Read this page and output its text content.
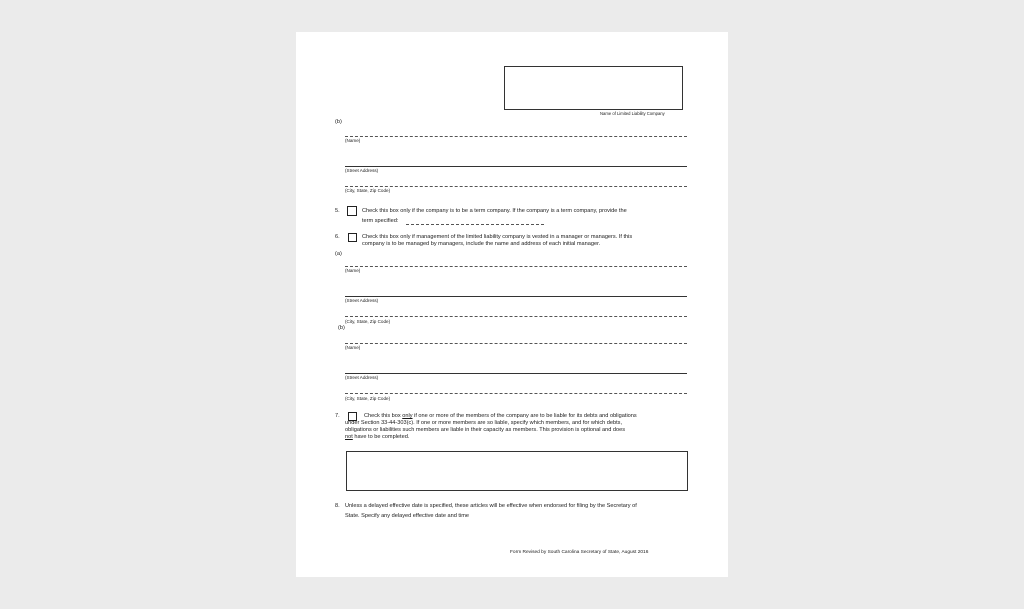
Name of Limited Liability Company
(b)
(Name)
(Street Address)
(City, State, Zip Code)
5.	Check this box only if the company is to be a term company. If the company is a term company, provide the
term specified:
6.	Check this box only if management of the limited liability company is vested in a manager or managers. If this
company is to be managed by managers, include the name and address of each initial manager.
(a)
(Name)
(Street Address)
(City, State, Zip Code)
(b)
(Name)
(Street Address)
(City, State, Zip Code)
7.	Check this box only if one or more of the members of the company are to be liable for its debts and obligations
under Section 33-44-303(c). If one or more members are so liable, specify which members, and for which debts,
obligations or liabilities such members are liable in their capacity as members. This provision is optional and does
not have to be completed.
8. Unless a delayed effective date is specified, these articles will be effective when endorsed for filing by the Secretary of
State. Specify any delayed effective date and time
Form Revised by South Carolina Secretary of State, August 2016
